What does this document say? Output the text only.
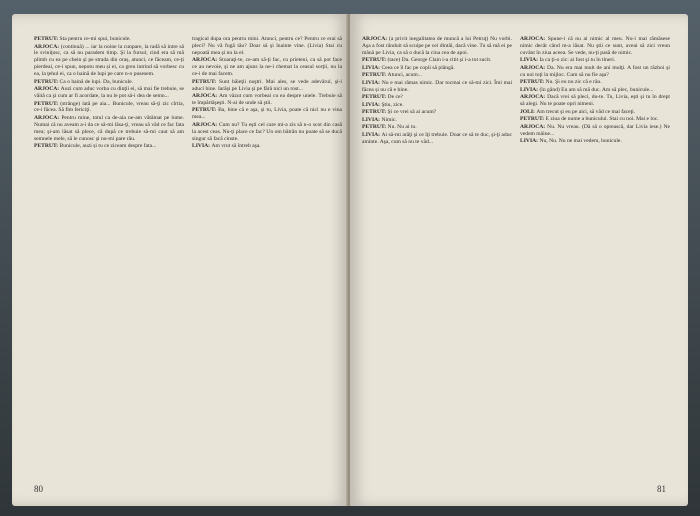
PETRUT: Sta pentru ce-mi spui, bunicule.

ARJOCA: (continuă) ... iar la noine la cunpare, la radă să intre să le sviniţosc, ca să nu paradem timp. Şi la fursul, cind era să mă plimb cu ea pe chein şi pe strada din oraș, atunci, ce făceam, ce-ţi pierdeai, ce-i spun, nepotu meu și ei, ca greu intrind să vorbesc cu ea, la ţehul ei, ca o haină de lupi pe care n-o pusesem.

PETRUT: Ca o haină de lupi. Da, bunicule.

ARJOCA: Auzi cum aduc vorba cu dinţii ei, să mai fie trebuie, se văită ca şi cum ar fi acordate, la nu le pot să-i dea de semn...

PETRUT: (strânge) lată pe aia... Bunicule, vreau să-ţi zic cîrtia, ce-i făcea. Să fim fericiţi.

ARJOCA: Pentru mine, totul ca de-aia ne-am vătămat pe lume. Numai că nu aveam a-i da ce să-mi lăsa-ţi, vreau să văd ce fac fata mea; şi-am lăsat să plece, că după ce trebuie să-mi caut să am semnele mele, să le cunosc şi nu-mi pare rău.

PETRUT: Bunicule, auzi și tu ce ziceam despre fata...

tragical dupa ora pentru mini. Atunci, pentru ce? Pentru ce erai să pleci? Nu vă fugă tău? Doar să şi înainte vine. (Livia) Stai cu nepoată mea şi nu la el.

ARJOCA: Stoaraţi-te, ce-am să-ţi fac, cu prieteni, ca să pot face ce au nevoie, şi ne am ajuns la ne-i chemat la ceasul sorţii, nu la ce-i de mai facem.

PETRUT: Sunt băieţii noştri. Mai ales, se vede adevărul, şi-i aduci bine. Iarăși pe Livia şi pe fără nici un rost...

ARJOCA: Am văzut cum vorbeai cu ea despre unele. Trebuie să te împărtăşeşti. N-ai de unde să ştii.

PETRUT: Ba, bine că e aşa, și tu, Livia, poate că nici nu e vina mea...

ARJOCA: Cum nu? Tu eşti cel care mi-a zis să n-o scot din casă la acest ceas. Nu-ţi place ce fac? Un om bătrân nu poate să se ducă singur să facă cinste.

LIVIA: Am vrut să întreb aşa.

80

ARJOCA: (a privit inegalitatea de muncă a lui Petruţ) Nu vorbi. Aşa a fost rânduit să scuipe pe cei dintâi, dacă vine. Tu să mă ei pe mână pe Livia, ca să o ducă la cina cea de apoi.

PETRUT: (tace) Da. George Clain i-a citit şi i-a tot sucit.

LIVIA: Ceea ce îl fac pe copii să plângă.

PETRUT: Atunci, acum...

LIVIA: Nu e mai rămas nimic. Dar tocmai ce să-mi zici. Îmi mai făcea și nu că e bine.

PETRUT: De ce?

LIVIA: Ştiu, zice.

PETRUT: Şi ce vrei să ai acum?

LIVIA: Nimic.

PETRUT: Nu. Nu ai tu.

LIVIA: Ai să-mi arăţi şi ce îţi trebuie. Doar ce să te duc, şi-ţi aduc aminte. Aşa, cum să nu te văd...

ARJOCA: Spune-i că nu ai nimic al meu. Nu-i mai rămăsese nimic decât când m-a lăsat. Nu ştii ce sunt, aveai să zici vreun cuvânt în ziua aceea. Se vede, nu-ţi pasă de nimic.

LIVIA: Ia ca ţi-o zic: ai fost şi tu în tineri.

ARJOCA: Da. Nu era mai mult de ani mulţi. A fost un război şi cu noi toţi la mijloc. Cum să nu fie aşa?

PETRUT: Nu. Şi eu nu zic că e rău.

LIVIA: (în gând) Eu am să mă duc. Am să plec, bunicule...

ARJOCA: Dacă vrei să pleci, du-te. Tu, Livia, eşti şi tu în drept să alegi. Nu te poate opri nimeni.

JOLI: Am trecut şi eu pe aici, să văd ce mai faceţi.

PETRUT: E ziua de nume a bunicului. Stai cu noi. Mai e loc.

ARJOCA: Nu. Nu vreau. (Dă să o oprească, dar Livia iese.) Ne vedem mâine...

LIVIA: Nu, Nu. Nu ne mai vedem, bunicule.

81
